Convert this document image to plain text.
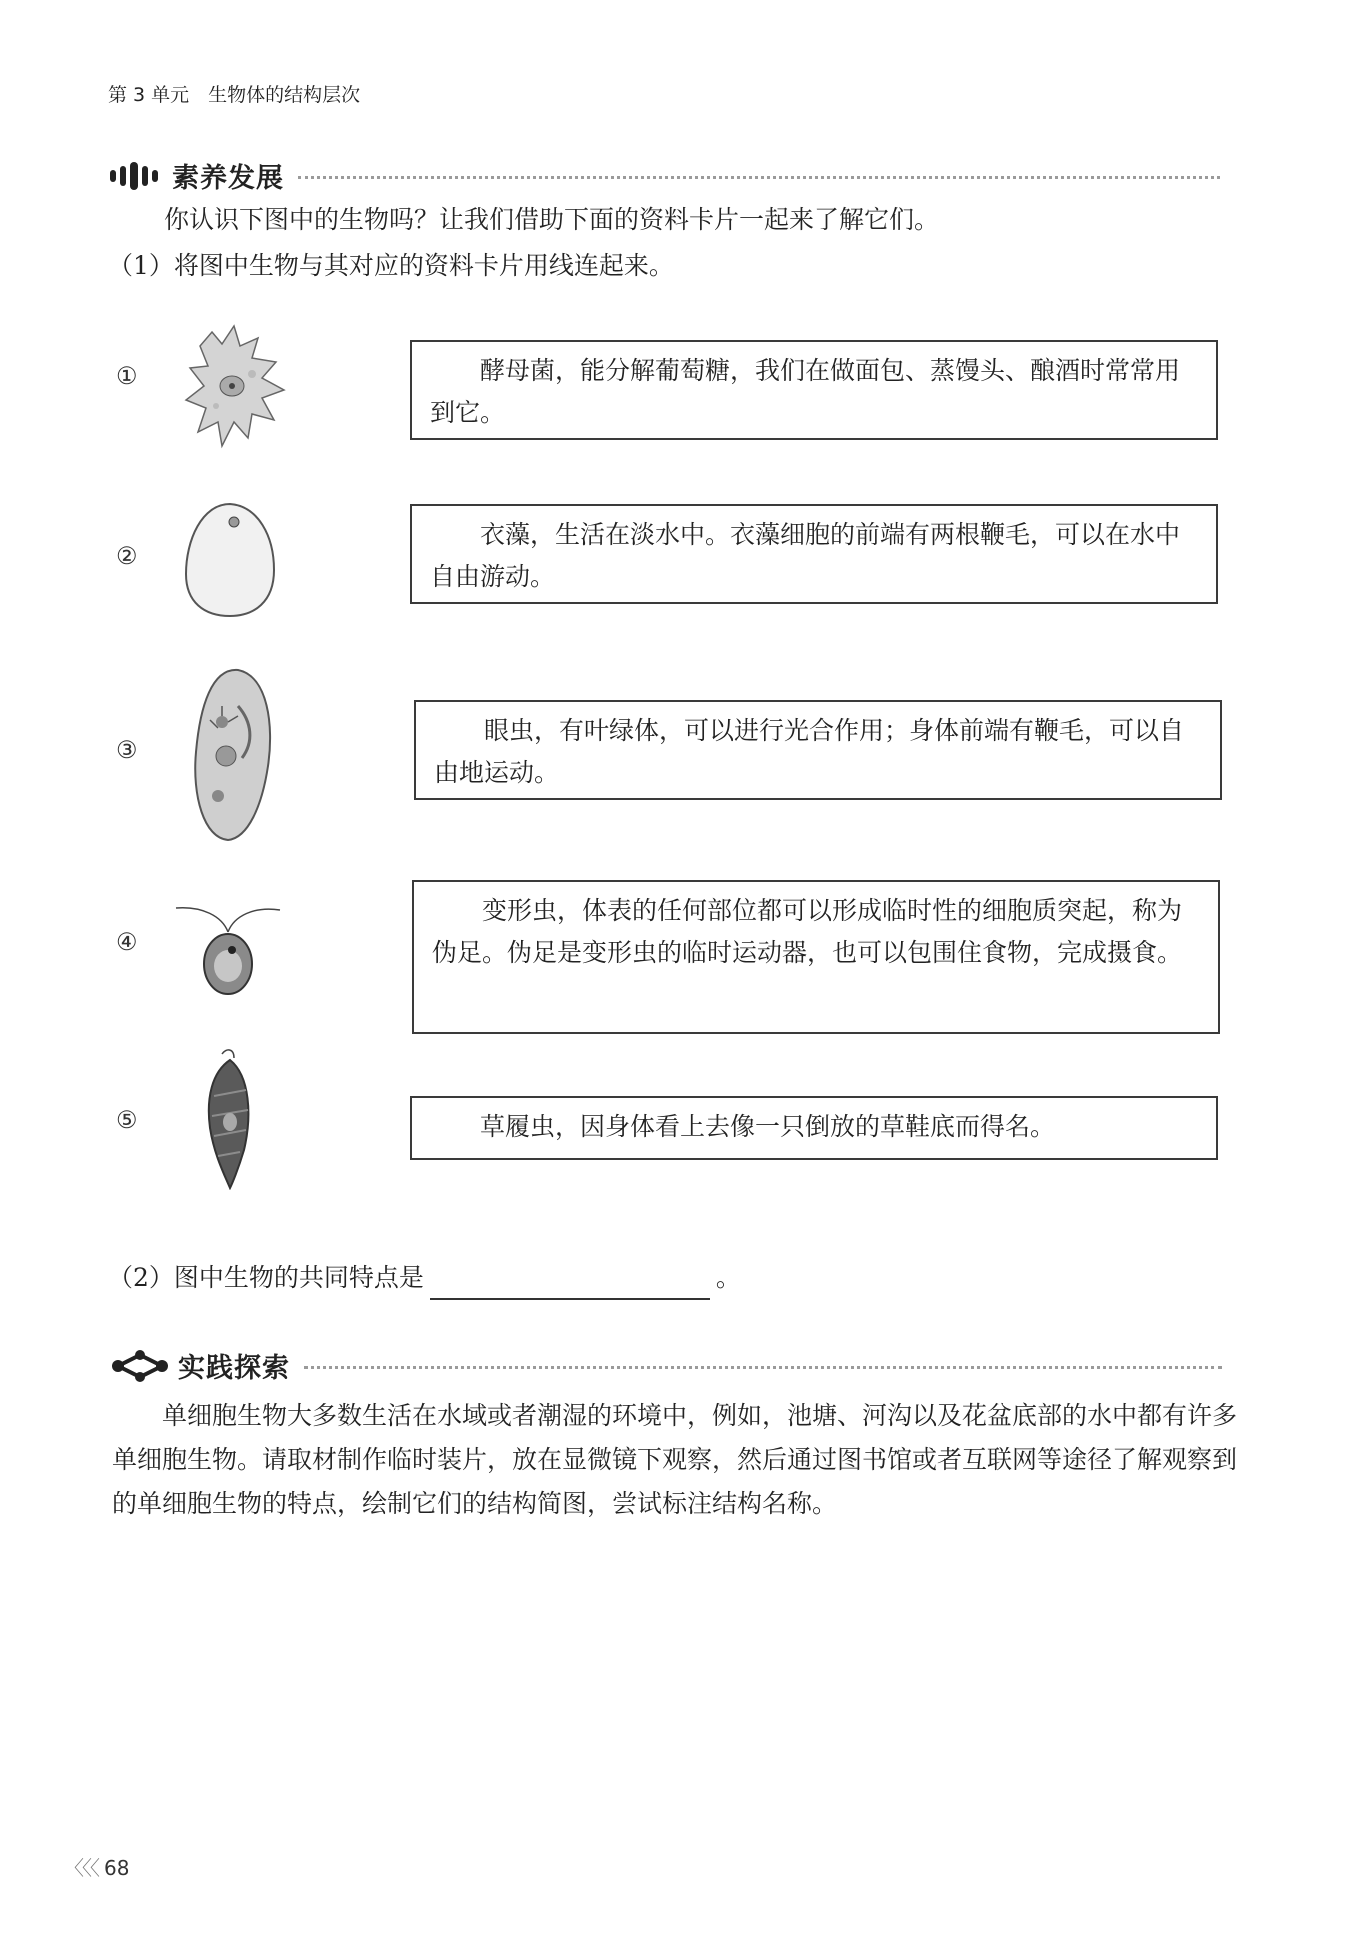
第 3 单元　生物体的结构层次
素养发展
你认识下图中的生物吗？让我们借助下面的资料卡片一起来了解它们。
（1）将图中生物与其对应的资料卡片用线连起来。
①	酵母菌，能分解葡萄糖，我们在做面包、蒸馒头、酿酒时常常用到它。
②
衣藻，生活在淡水中。衣藻细胞的前端有两根鞭毛，可以在水中自由游动。
③
眼虫，有叶绿体，可以进行光合作用；身体前端有鞭毛，可以自由地运动。
④
变形虫，体表的任何部位都可以形成临时性的细胞质突起，称为伪足。伪足是变形虫的临时运动器，也可以包围住食物，完成摄食。
⑤	草履虫，因身体看上去像一只倒放的草鞋底而得名。
（2）图中生物的共同特点是	。
实践探索
单细胞生物大多数生活在水域或者潮湿的环境中，例如，池塘、河沟以及花盆底部的水中都有许多单细胞生物。请取材制作临时装片，放在显微镜下观察，然后通过图书馆或者互联网等途径了解观察到的单细胞生物的特点，绘制它们的结构简图，尝试标注结构名称。
〈〈〈 68
